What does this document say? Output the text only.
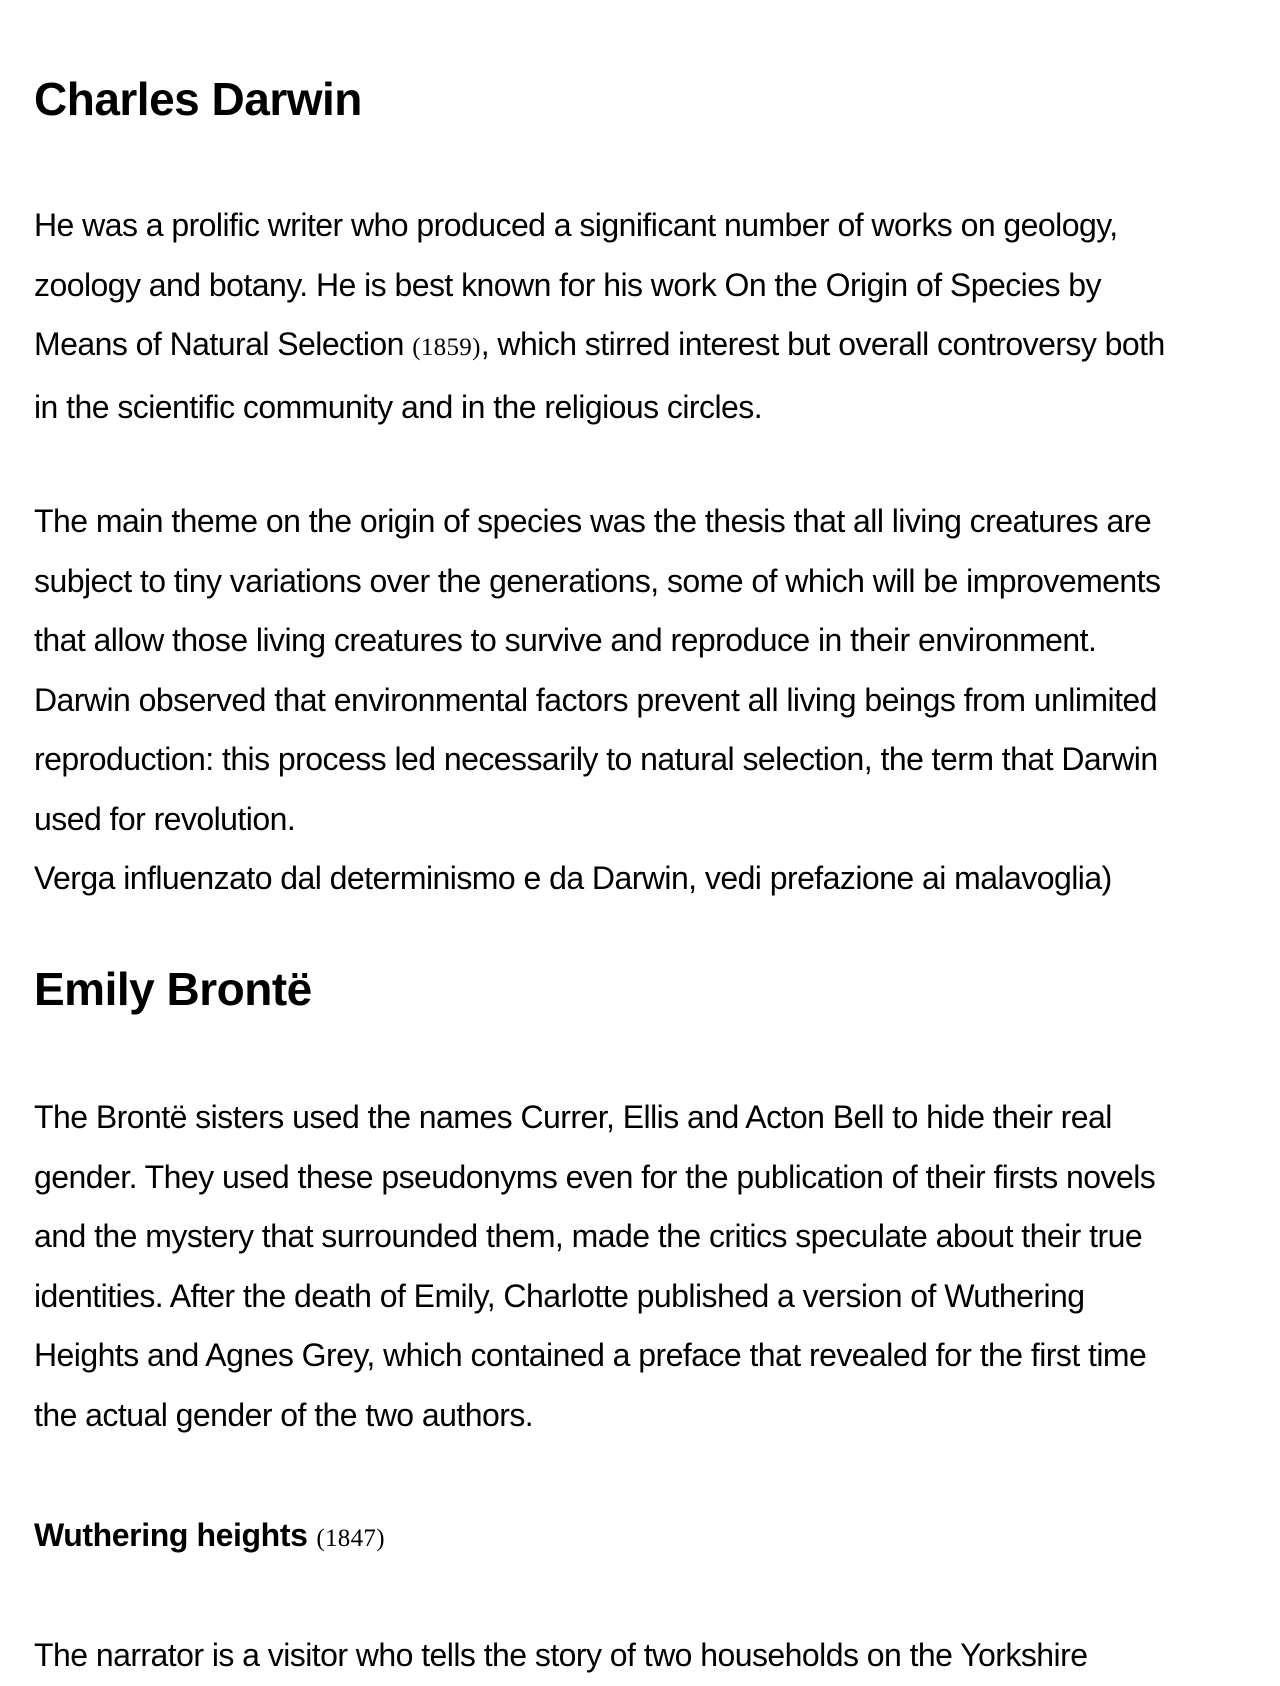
Charles Darwin

He was a prolific writer who produced a significant number of works on geology,
zoology and botany. He is best known for his work On the Origin of Species by
Means of Natural Selection (1859), which stirred interest but overall controversy both
in the scientific community and in the religious circles.

The main theme on the origin of species was the thesis that all living creatures are
subject to tiny variations over the generations, some of which will be improvements
that allow those living creatures to survive and reproduce in their environment.
Darwin observed that environmental factors prevent all living beings from unlimited
reproduction: this process led necessarily to natural selection, the term that Darwin
used for revolution.
Verga influenzato dal determinismo e da Darwin, vedi prefazione ai malavoglia)

Emily Brontë

The Brontë sisters used the names Currer, Ellis and Acton Bell to hide their real
gender. They used these pseudonyms even for the publication of their firsts novels
and the mystery that surrounded them, made the critics speculate about their true
identities. After the death of Emily, Charlotte published a version of Wuthering
Heights and Agnes Grey, which contained a preface that revealed for the first time
the actual gender of the two authors.

Wuthering heights (1847)

The narrator is a visitor who tells the story of two households on the Yorkshire
